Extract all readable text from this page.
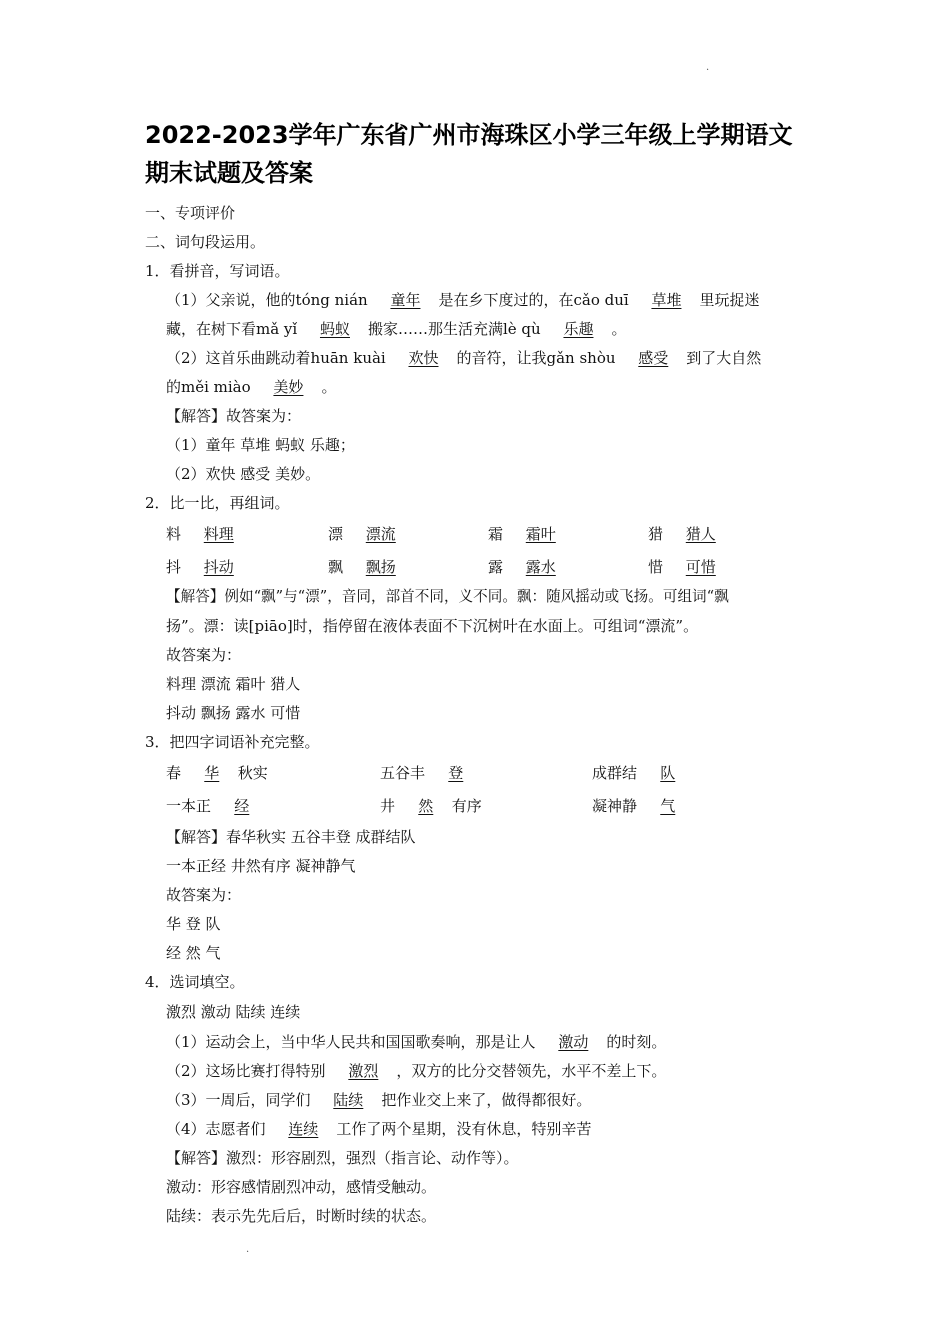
.
2022-2023学年广东省广州市海珠区小学三年级上学期语文
期末试题及答案
一、专项评价
二、词句段运用。
1．看拼音，写词语。
（1）父亲说，他的tóng nián 童年 是在乡下度过的，在cǎo duī 草堆 里玩捉迷
藏，在树下看mǎ yǐ 蚂蚁 搬家……那生活充满lè qù 乐趣 。
（2）这首乐曲跳动着huān kuài 欢快 的音符，让我gǎn shòu 感受 到了大自然
的měi miào 美妙 。
【解答】故答案为：
（1）童年 草堆 蚂蚁 乐趣；
（2）欢快 感受 美妙。
2．比一比，再组词。
料 料理	漂 漂流	霜 霜叶	猎 猎人
抖 抖动	飘 飘扬	露 露水	惜 可惜
【解答】例如“飘”与“漂”，音同，部首不同，义不同。飘：随风摇动或飞扬。可组词“飘
扬”。漂：读[piāo]时，指停留在液体表面不下沉树叶在水面上。可组词“漂流”。
故答案为：
料理 漂流 霜叶 猎人
抖动 飘扬 露水 可惜
3．把四字词语补充完整。
春 华 秋实	五谷丰 登	成群结 队
一本正 经	井 然 有序	凝神静 气
【解答】春华秋实 五谷丰登 成群结队
一本正经 井然有序 凝神静气
故答案为：
华 登 队
经 然 气
4．选词填空。
激烈 激动 陆续 连续
（1）运动会上，当中华人民共和国国歌奏响，那是让人 激动 的时刻。
（2）这场比赛打得特别 激烈 ，双方的比分交替领先，水平不差上下。
（3）一周后，同学们 陆续 把作业交上来了，做得都很好。
（4）志愿者们 连续 工作了两个星期，没有休息，特别辛苦
【解答】激烈：形容剧烈，强烈（指言论、动作等）。
激动：形容感情剧烈冲动，感情受触动。
陆续：表示先先后后，时断时续的状态。
.
